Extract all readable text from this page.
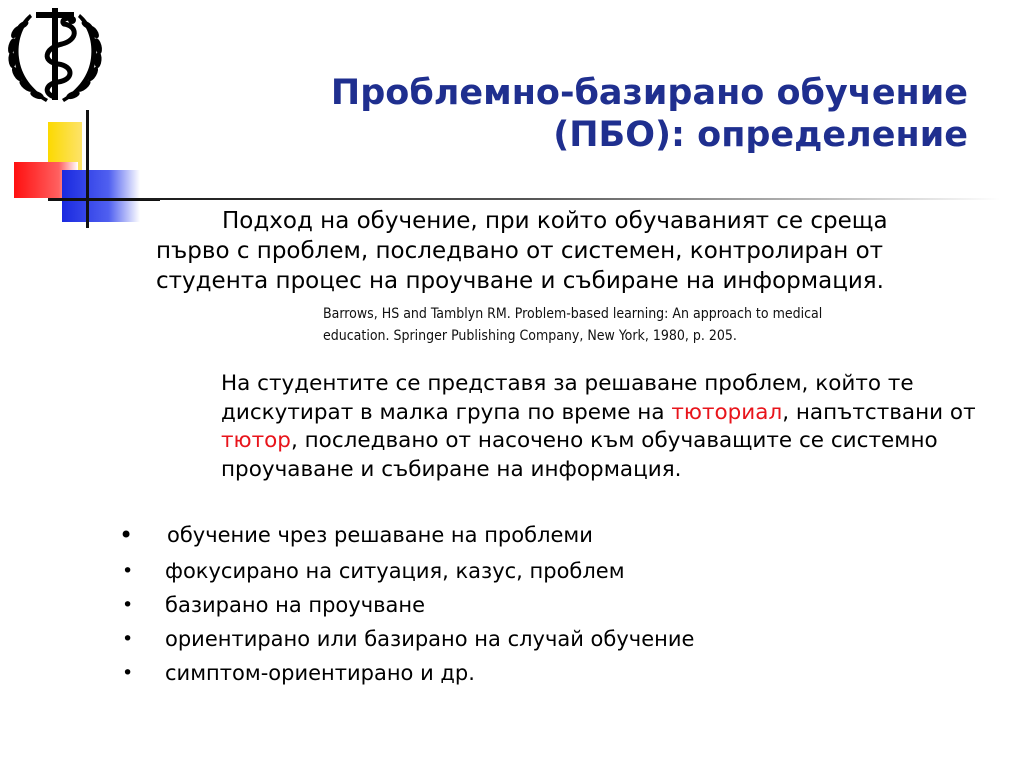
Проблемно-базирано обучение
(ПБО): определение
Подход на обучение, при който обучаваният се среща първо с проблем, последвано от системен, контролиран от студента процес на проучване и събиране на информация.
Barrows, HS and Tamblyn RM. Problem-based learning: An approach to medical
education. Springer Publishing Company, New York, 1980, p. 205.
На студентите се представя за решаване проблем, който те дискутират в малка група по време на тюториал, напътствани от тютор, последвано от насочено към обучаващите се системно проучаване и събиране на информация.
• обучение чрез решаване на проблеми
• фокусирано на ситуация, казус, проблем
• базирано на проучване
• ориентирано или базирано на случай обучение
• симптом-ориентирано и др.
